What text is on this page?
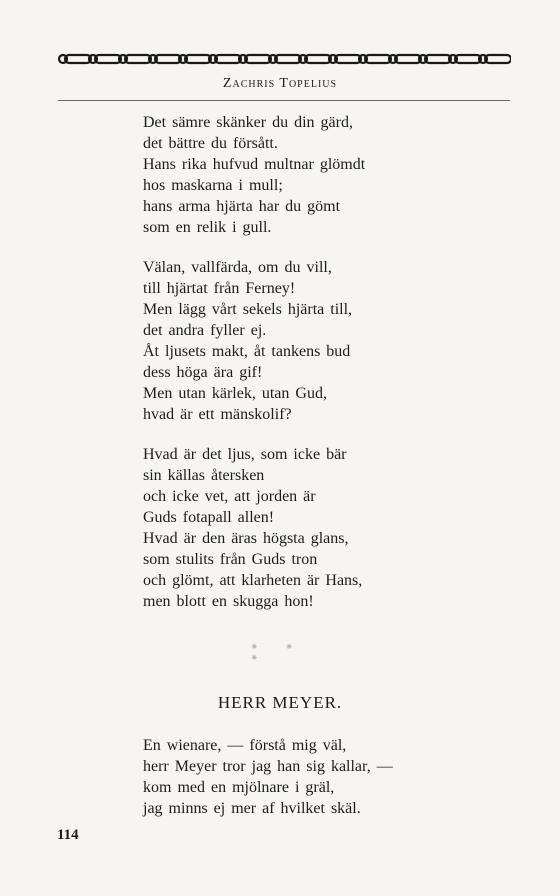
Zachris Topelius
Det sämre skänker du din gärd,
det bättre du försått.
Hans rika hufvud multnar glömdt
hos maskarna i mull;
hans arma hjärta har du gömt
som en relik i gull.
Välan, vallfärda, om du vill,
till hjärtat från Ferney!
Men lägg vårt sekels hjärta till,
det andra fyller ej.
Åt ljusets makt, åt tankens bud
dess höga ära gif!
Men utan kärlek, utan Gud,
hvad är ett mänskolif?
Hvad är det ljus, som icke bär
sin källas återsken
och icke vet, att jorden är
Guds fotapall allen!
Hvad är den äras högsta glans,
som stulits från Guds tron
och glömt, att klarheten är Hans,
men blott en skugga hon!
⁕ ⁕ ⁕
HERR MEYER.
En wienare, — förstå mig väl,
herr Meyer tror jag han sig kallar, —
kom med en mjölnare i gräl,
jag minns ej mer af hvilket skäl.
114
